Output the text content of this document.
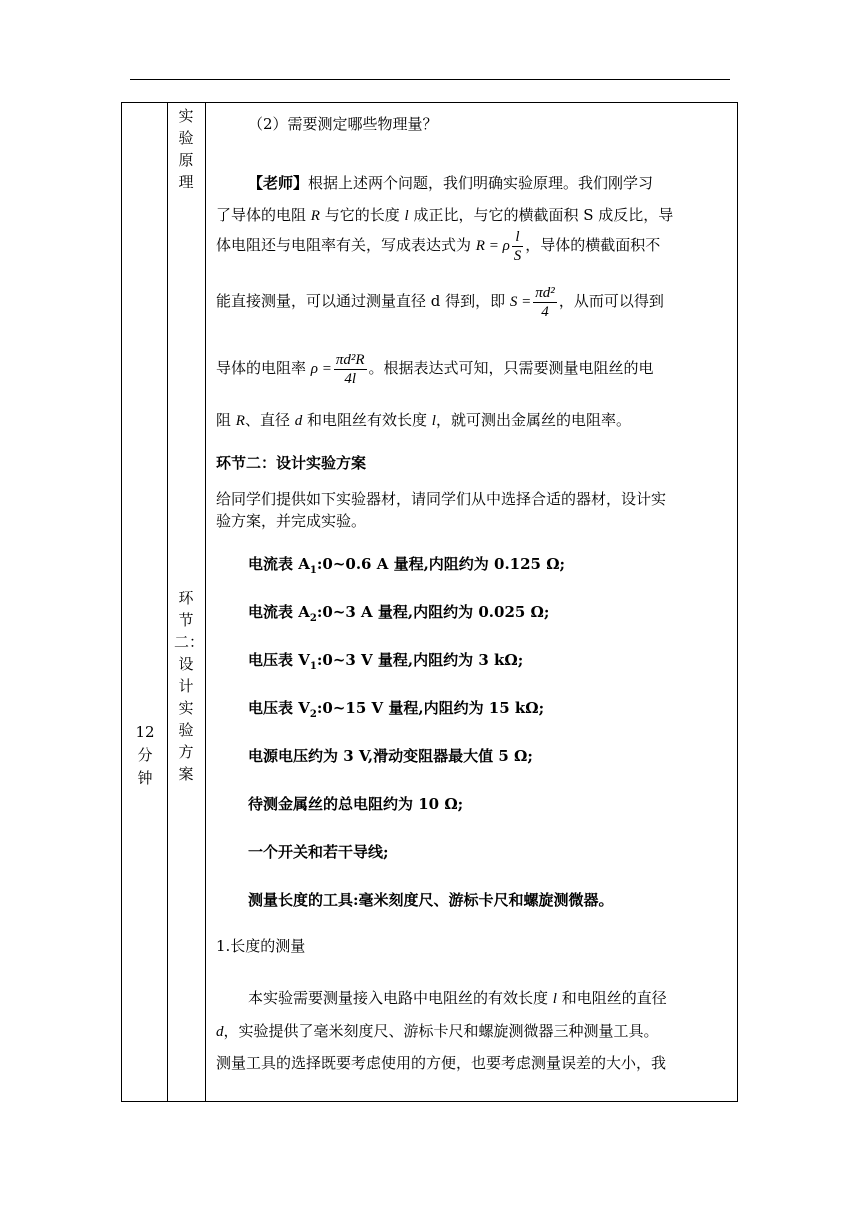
12分钟
实验原理
环节二：设计实验方案
（2）需要测定哪些物理量？
【老师】根据上述两个问题，我们明确实验原理。我们刚学习
了导体的电阻 R 与它的长度 l 成正比，与它的横截面积 S 成反比，导
体电阻还与电阻率有关，写成表达式为 R = ρ $\frac{l}{S}$ ，导体的横截面积不
能直接测量，可以通过测量直径 d 得到，即 $S = \frac{\text{πd²}}{4}$ ，从而可以得到
导体的电阻率 $\rho = \frac{\text{πd²R}}{4l}$ 。根据表达式可知，只需要测量电阻丝的电
阻 R、直径 d 和电阻丝有效长度 l，就可测出金属丝的电阻率。
环节二：设计实验方案
给同学们提供如下实验器材，请同学们从中选择合适的器材，设计实
验方案，并完成实验。
电流表 $A_1:0\sim 0.6$ A 量程,内阻约为 0.125 Ω;
电流表 $A_2:0\sim 3$ A 量程,内阻约为 0.025 Ω;
电压表 $V_1:0\sim 3$ V 量程,内阻约为 3 kΩ;
电压表 $V_2:0\sim 15$ V 量程,内阻约为 15 kΩ;
电源电压约为 3 V,滑动变阻器最大值 5 Ω;
待测金属丝的总电阻约为 10 Ω;
一个开关和若干导线;
测量长度的工具:毫米刻度尺、游标卡尺和螺旋测微器。
1.长度的测量
本实验需要测量接入电路中电阻丝的有效长度 l 和电阻丝的直径
d，实验提供了毫米刻度尺、游标卡尺和螺旋测微器三种测量工具。
测量工具的选择既要考虑使用的方便，也要考虑测量误差的大小，我
